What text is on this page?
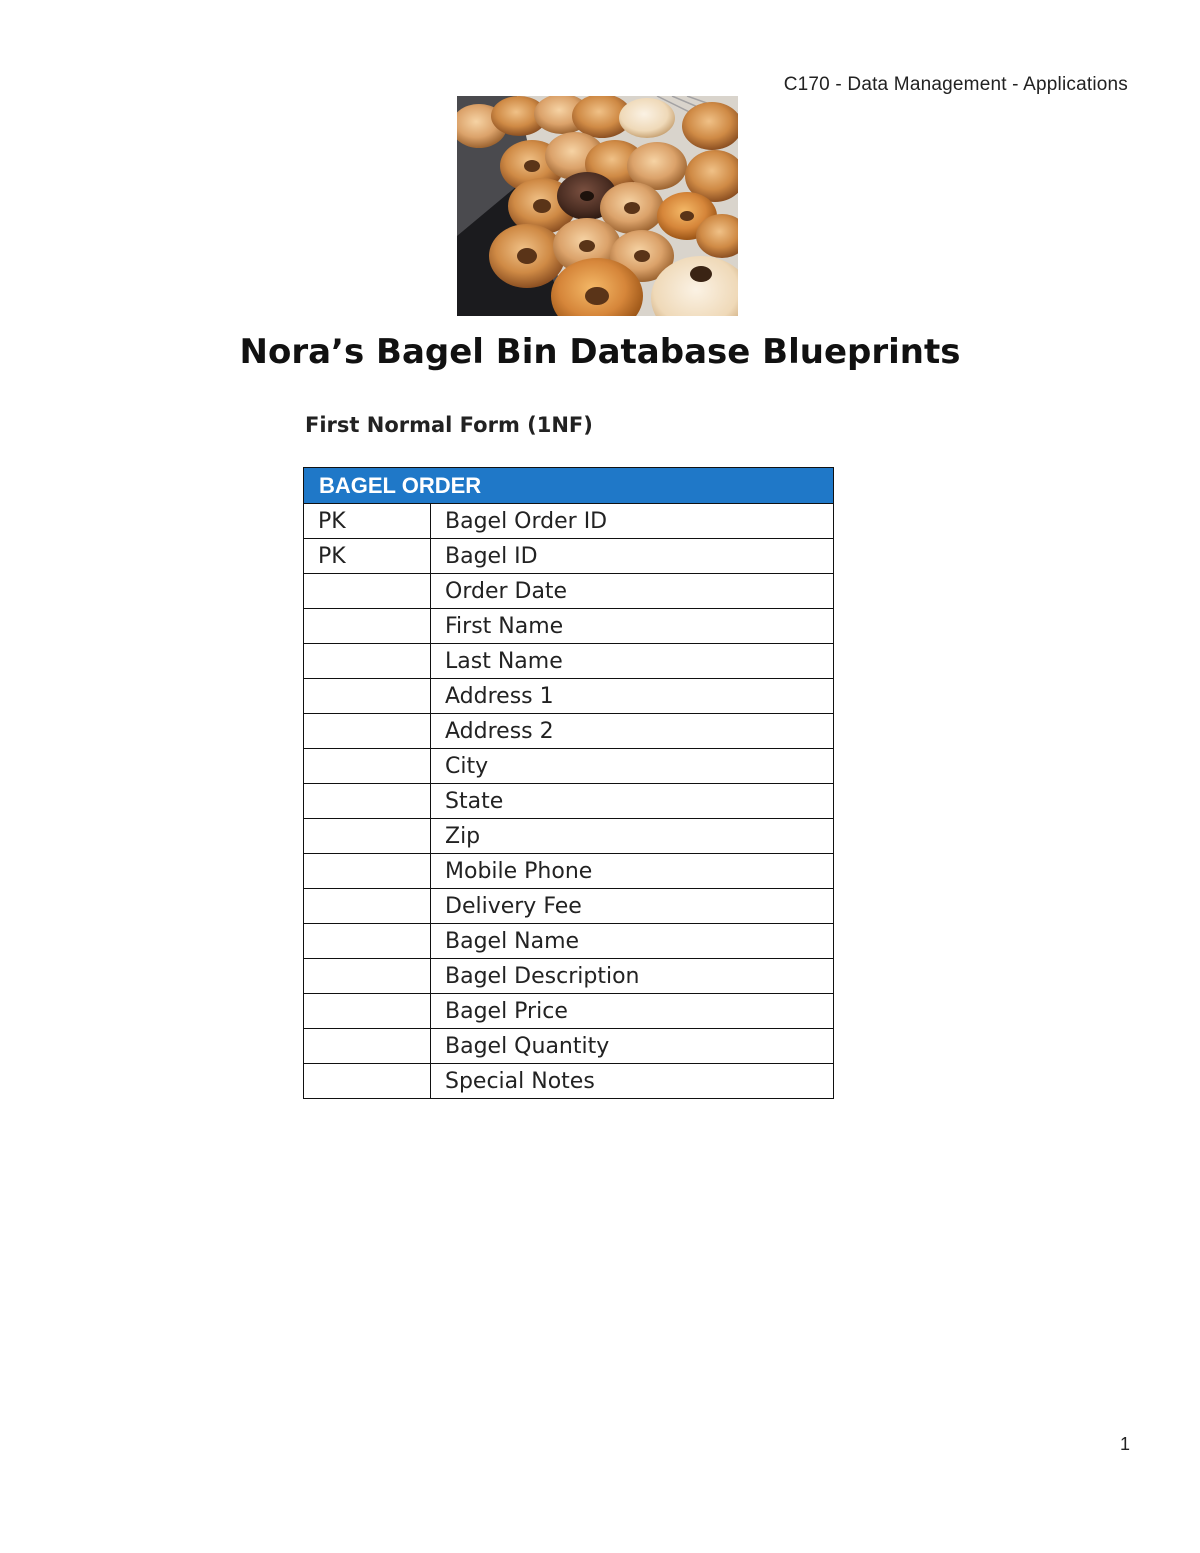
C170 - Data Management - Applications
Nora’s Bagel Bin Database Blueprints
First Normal Form (1NF)
BAGEL ORDER	
PK	Bagel Order ID
PK	Bagel ID
	Order Date
	First Name
	Last Name
	Address 1
	Address 2
	City
	State
	Zip
	Mobile Phone
	Delivery Fee
	Bagel Name
	Bagel Description
	Bagel Price
	Bagel Quantity
	Special Notes
1
